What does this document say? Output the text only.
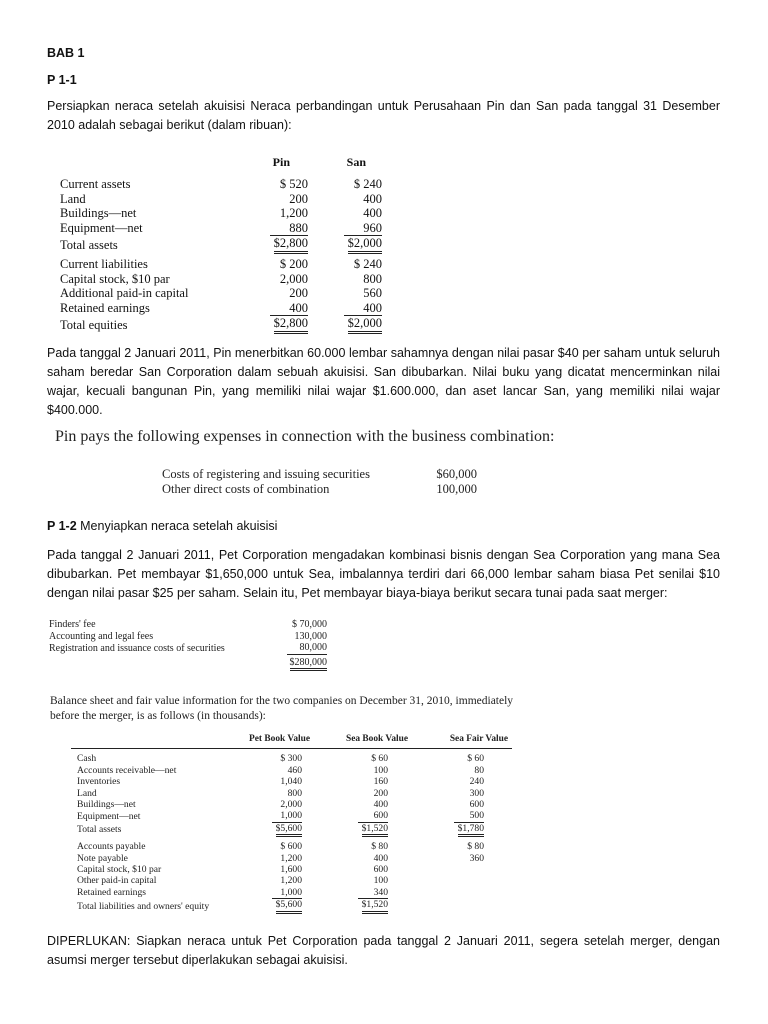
BAB 1
P 1-1
Persiapkan neraca setelah akuisisi Neraca perbandingan untuk Perusahaan Pin dan San pada tanggal 31 Desember 2010 adalah sebagai berikut (dalam ribuan):
	Pin	San

Current assets	$ 520	$ 240
Land	200	400
Buildings—net	1,200	400
Equipment—net	880	960
Total assets	$2,800	$2,000

Current liabilities	$ 200	$ 240
Capital stock, $10 par	2,000	800
Additional paid-in capital	200	560
Retained earnings	400	400
Total equities	$2,800	$2,000
Pada tanggal 2 Januari 2011, Pin menerbitkan 60.000 lembar sahamnya dengan nilai pasar $40 per saham untuk seluruh saham beredar San Corporation dalam sebuah akuisisi. San dibubarkan. Nilai buku yang dicatat mencerminkan nilai wajar, kecuali bangunan Pin, yang memiliki nilai wajar $1.600.000, dan aset lancar San, yang memiliki nilai wajar $400.000.
Pin pays the following expenses in connection with the business combination:
Costs of registering and issuing securities	$60,000
Other direct costs of combination	100,000
P 1-2 Menyiapkan neraca setelah akuisisi
Pada tanggal 2 Januari 2011, Pet Corporation mengadakan kombinasi bisnis dengan Sea Corporation yang mana Sea dibubarkan. Pet membayar $1,650,000 untuk Sea, imbalannya terdiri dari 66,000 lembar saham biasa Pet senilai $10 dengan nilai pasar $25 per saham. Selain itu, Pet membayar biaya-biaya berikut secara tunai pada saat merger:
Finders' fee	$ 70,000
Accounting and legal fees	130,000
Registration and issuance costs of securities	80,000
	$280,000
Balance sheet and fair value information for the two companies on December 31, 2010, immediately
before the merger, is as follows (in thousands):
	Pet Book Value	Sea Book Value	Sea Fair Value

Cash	$ 300	$ 60	$ 60
Accounts receivable—net	460	100	80
Inventories	1,040	160	240
Land	800	200	300
Buildings—net	2,000	400	600
Equipment—net	1,000	600	500
Total assets	$5,600	$1,520	$1,780

Accounts payable	$ 600	$ 80	$ 80
Note payable	1,200	400	360
Capital stock, $10 par	1,600	600	
Other paid-in capital	1,200	100	
Retained earnings	1,000	340	
Total liabilities and owners' equity	$5,600	$1,520	
DIPERLUKAN: Siapkan neraca untuk Pet Corporation pada tanggal 2 Januari 2011, segera setelah merger, dengan asumsi merger tersebut diperlakukan sebagai akuisisi.
